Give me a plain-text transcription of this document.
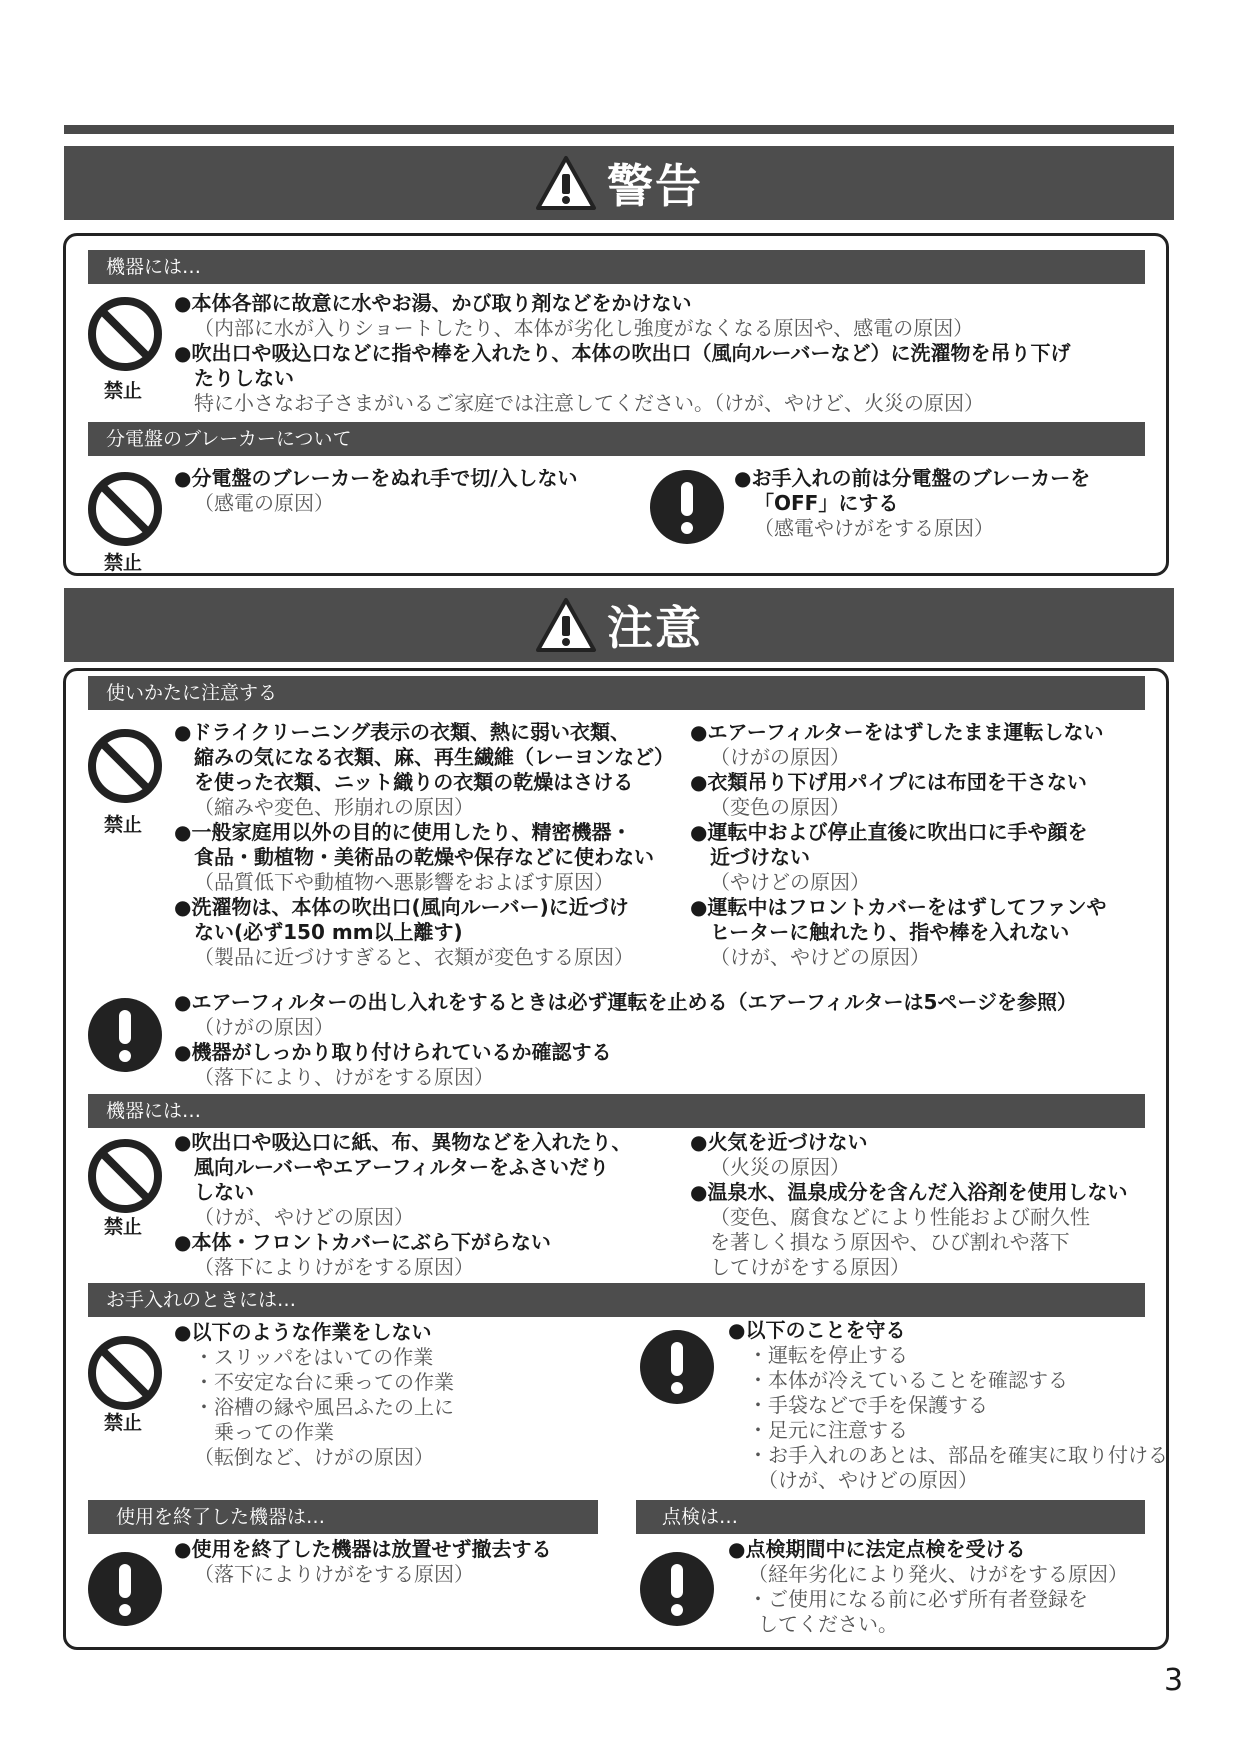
警告
機器には…
禁止
●本体各部に故意に水やお湯、かび取り剤などをかけない
（内部に水が入りショートしたり、本体が劣化し強度がなくなる原因や、感電の原因）
●吹出口や吸込口などに指や棒を入れたり、本体の吹出口（風向ルーバーなど）に洗濯物を吊り下げ
たりしない
特に小さなお子さまがいるご家庭では注意してください。（けが、やけど、火災の原因）
分電盤のブレーカーについて
禁止
●分電盤のブレーカーをぬれ手で切/入しない
（感電の原因）
●お手入れの前は分電盤のブレーカーを
「OFF」にする
（感電やけがをする原因）
注意
使いかたに注意する
禁止
●ドライクリーニング表示の衣類、熱に弱い衣類、
縮みの気になる衣類、麻、再生繊維（レーヨンなど）
を使った衣類、ニット織りの衣類の乾燥はさける
（縮みや変色、形崩れの原因）
●一般家庭用以外の目的に使用したり、精密機器・
食品・動植物・美術品の乾燥や保存などに使わない
（品質低下や動植物へ悪影響をおよぼす原因）
●洗濯物は、本体の吹出口(風向ルーバー)に近づけ
ない(必ず150 mm以上離す)
（製品に近づけすぎると、衣類が変色する原因）
●エアーフィルターをはずしたまま運転しない
（けがの原因）
●衣類吊り下げ用パイプには布団を干さない
（変色の原因）
●運転中および停止直後に吹出口に手や顔を
近づけない
（やけどの原因）
●運転中はフロントカバーをはずしてファンや
ヒーターに触れたり、指や棒を入れない
（けが、やけどの原因）
●エアーフィルターの出し入れをするときは必ず運転を止める（エアーフィルターは5ページを参照）
（けがの原因）
●機器がしっかり取り付けられているか確認する
（落下により、けがをする原因）
機器には…
禁止
●吹出口や吸込口に紙、布、異物などを入れたり、
風向ルーバーやエアーフィルターをふさいだり
しない
（けが、やけどの原因）
●本体・フロントカバーにぶら下がらない
（落下によりけがをする原因）
●火気を近づけない
（火災の原因）
●温泉水、温泉成分を含んだ入浴剤を使用しない
（変色、腐食などにより性能および耐久性
を著しく損なう原因や、ひび割れや落下
してけがをする原因）
お手入れのときには…
禁止
●以下のような作業をしない
・スリッパをはいての作業
・不安定な台に乗っての作業
・浴槽の縁や風呂ふたの上に
乗っての作業
（転倒など、けがの原因）
●以下のことを守る
・運転を停止する
・本体が冷えていることを確認する
・手袋などで手を保護する
・足元に注意する
・お手入れのあとは、部品を確実に取り付ける
（けが、やけどの原因）
使用を終了した機器は…
●使用を終了した機器は放置せず撤去する
（落下によりけがをする原因）
点検は…
●点検期間中に法定点検を受ける
（経年劣化により発火、けがをする原因）
・ご使用になる前に必ず所有者登録を
してください。
3
